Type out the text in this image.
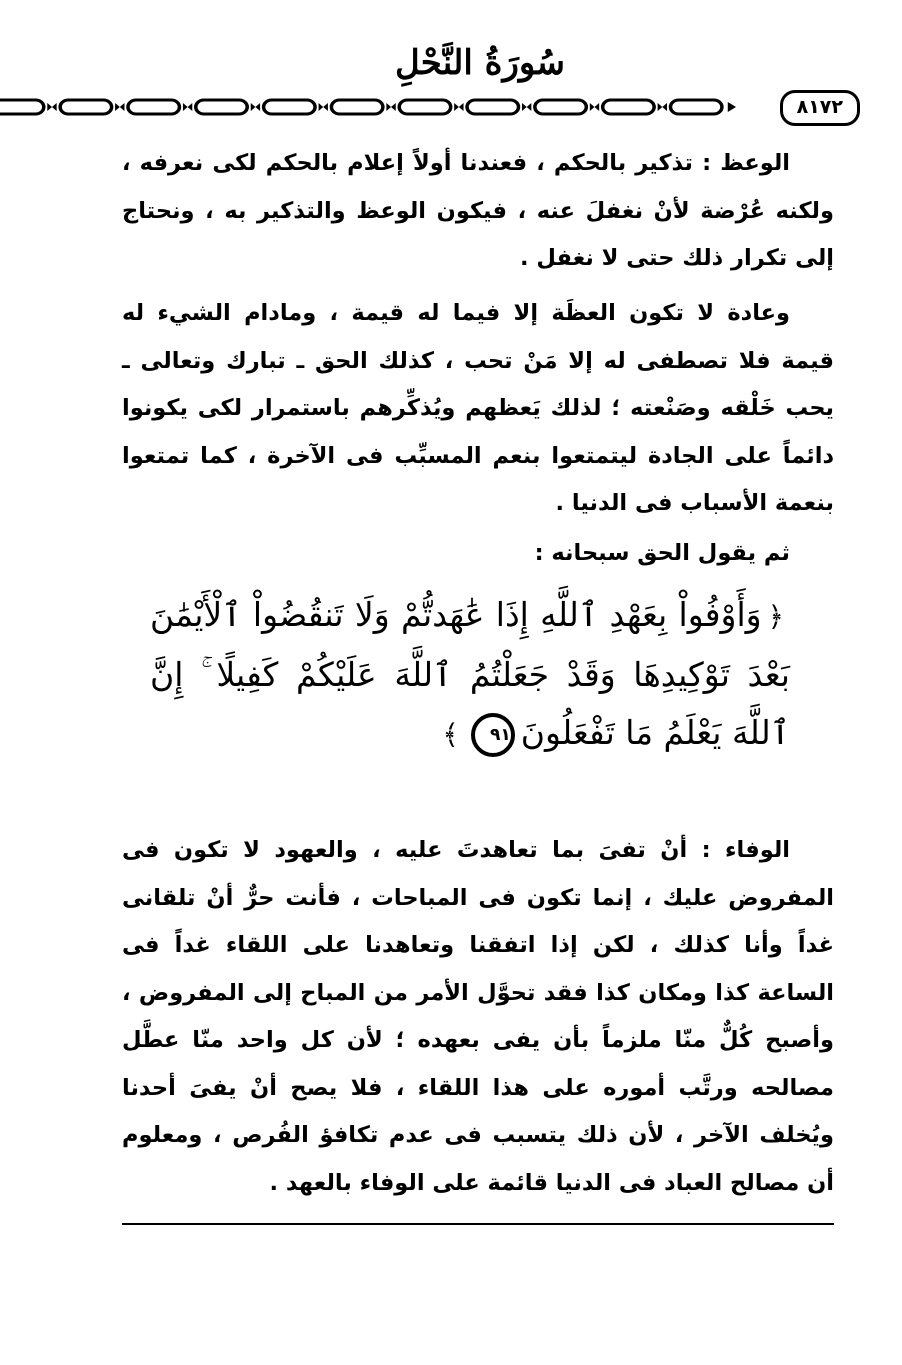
سُورَةُ النَّحْلِ
٨١٧٢

الوعظ : تذكير بالحكم ، فعندنا أولاً إعلام بالحكم لكى نعرفه ، ولكنه عُرْضة لأنْ نغفلَ عنه ، فيكون الوعظ والتذكير به ، ونحتاج إلى تكرار ذلك حتى لا نغفل .

وعادة لا تكون العظَة إلا فيما له قيمة ، ومادام الشيء له قيمة فلا تصطفى له إلا مَنْ تحب ، كذلك الحق ـ تبارك وتعالى ـ يحب خَلْقه وصَنْعته ؛ لذلك يَعظهم ويُذكِّرهم باستمرار لكى يكونوا دائماً على الجادة ليتمتعوا بنعم المسبِّب فى الآخرة ، كما تمتعوا بنعمة الأسباب فى الدنيا .

ثم يقول الحق سبحانه :

﴿وَأَوْفُواْ بِعَهْدِ ٱللَّهِ إِذَا عَٰهَدتُّمْ وَلَا تَنقُضُواْ ٱلْأَيْمَٰنَ بَعْدَ تَوْكِيدِهَا وَقَدْ جَعَلْتُمُ ٱللَّهَ عَلَيْكُمْ كَفِيلًا ۚ إِنَّ ٱللَّهَ يَعْلَمُ مَا تَفْعَلُونَ٩١﴾

الوفاء : أنْ تفىَ بما تعاهدتَ عليه ، والعهود لا تكون فى المفروض عليك ، إنما تكون فى المباحات ، فأنت حرٌّ أنْ تلقانى غداً وأنا كذلك ، لكن إذا اتفقنا وتعاهدنا على اللقاء غداً فى الساعة كذا ومكان كذا فقد تحوَّل الأمر من المباح إلى المفروض ، وأصبح كُلٌّ منّا ملزماً بأن يفى بعهده ؛ لأن كل واحد منّا عطَّل مصالحه ورتَّب أموره على هذا اللقاء ، فلا يصح أنْ يفىَ أحدنا ويُخلف الآخر ، لأن ذلك يتسبب فى عدم تكافؤ الفُرص ، ومعلوم أن مصالح العباد فى الدنيا قائمة على الوفاء بالعهد .
